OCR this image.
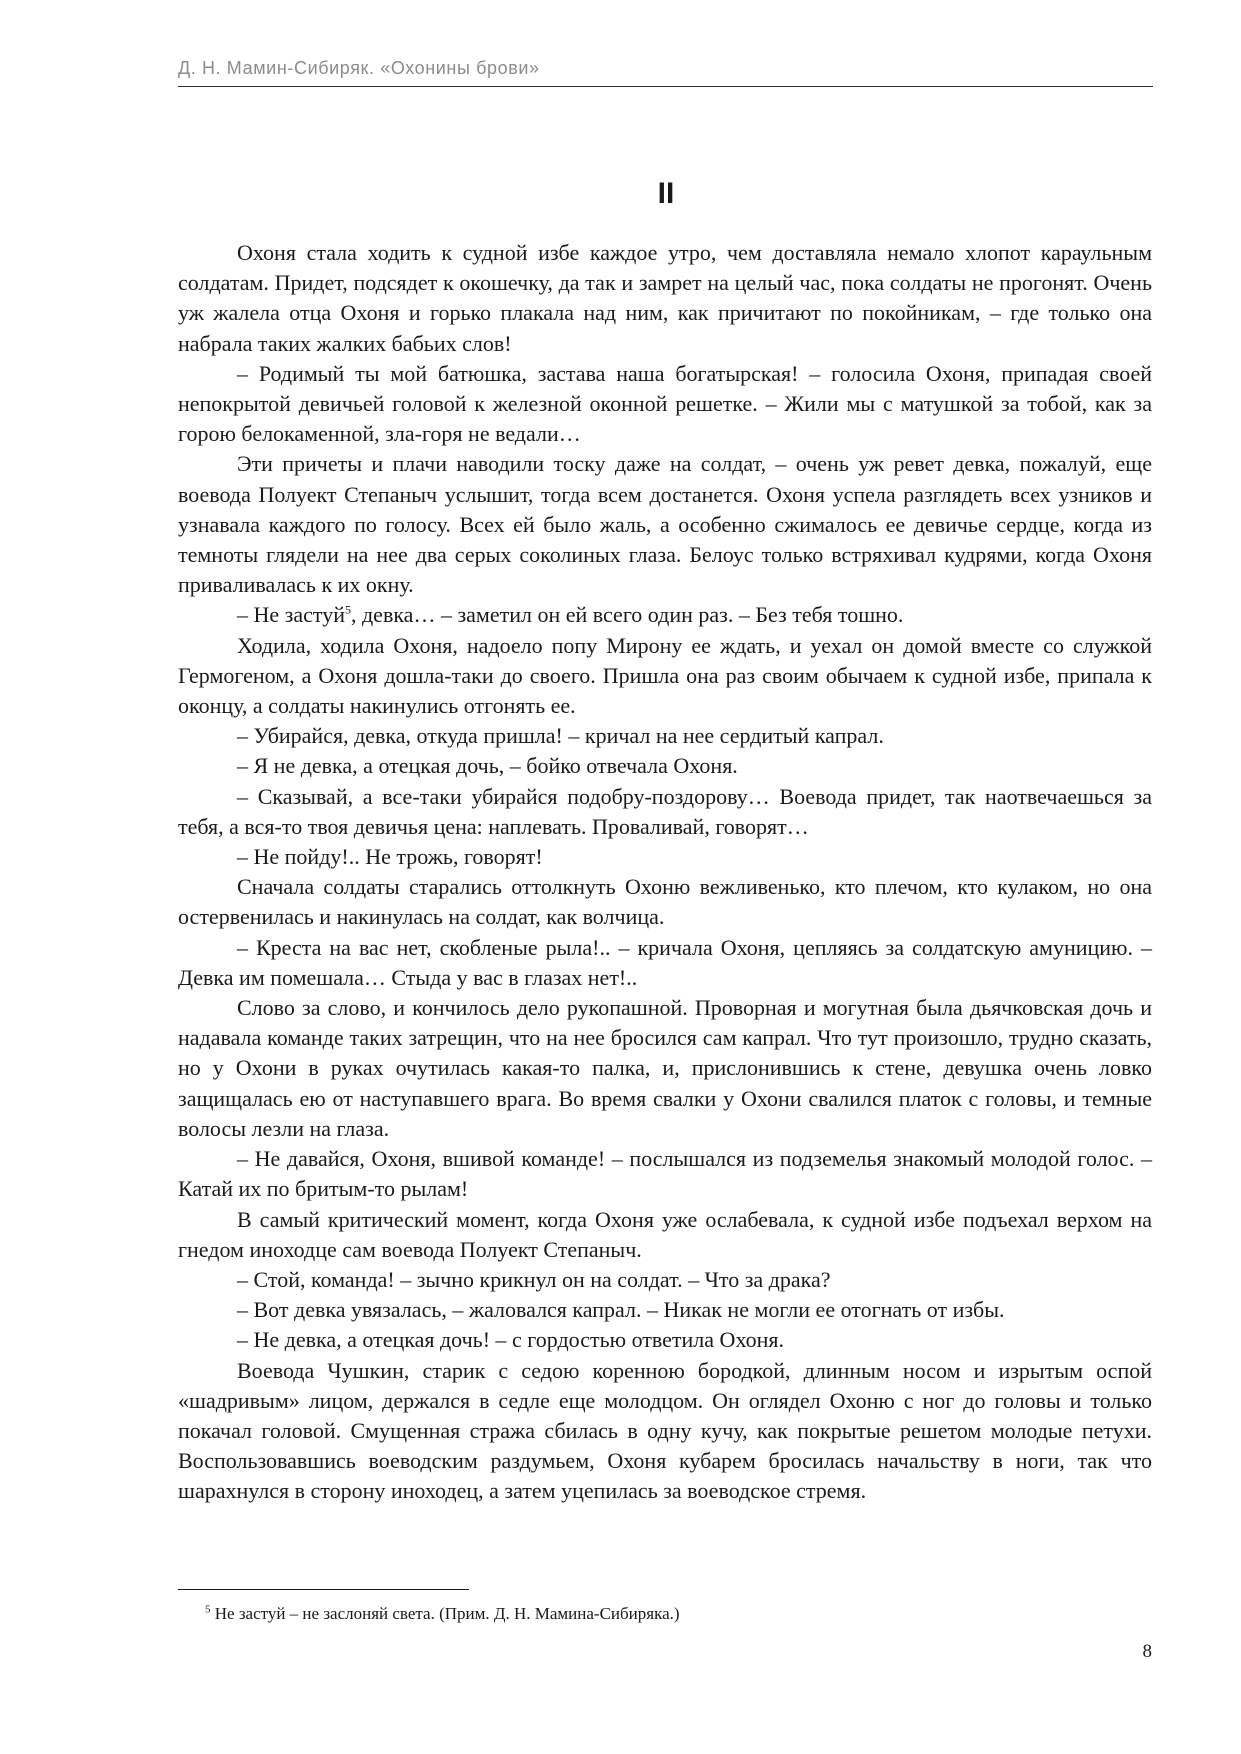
Д. Н. Мамин-Сибиряк. «Охонины брови»
II

Охоня стала ходить к судной избе каждое утро, чем доставляла немало хлопот караульным солдатам. Придет, подсядет к окошечку, да так и замрет на целый час, пока солдаты не прогонят. Очень уж жалела отца Охоня и горько плакала над ним, как причитают по покойникам, – где только она набрала таких жалких бабьих слов!

– Родимый ты мой батюшка, застава наша богатырская! – голосила Охоня, припадая своей непокрытой девичьей головой к железной оконной решетке. – Жили мы с матушкой за тобой, как за горою белокаменной, зла-горя не ведали…

Эти причеты и плачи наводили тоску даже на солдат, – очень уж ревет девка, пожалуй, еще воевода Полуект Степаныч услышит, тогда всем достанется. Охоня успела разглядеть всех узников и узнавала каждого по голосу. Всех ей было жаль, а особенно сжималось ее девичье сердце, когда из темноты глядели на нее два серых соколиных глаза. Белоус только встряхивал кудрями, когда Охоня приваливалась к их окну.

– Не застуй$^5$, девка… – заметил он ей всего один раз. – Без тебя тошно.

Ходила, ходила Охоня, надоело попу Мирону ее ждать, и уехал он домой вместе со служкой Гермогеном, а Охоня дошла-таки до своего. Пришла она раз своим обычаем к судной избе, припала к оконцу, а солдаты накинулись отгонять ее.

– Убирайся, девка, откуда пришла! – кричал на нее сердитый капрал.

– Я не девка, а отецкая дочь, – бойко отвечала Охоня.

– Сказывай, а все-таки убирайся подобру-поздорову… Воевода придет, так наотвечаешься за тебя, а вся-то твоя девичья цена: наплевать. Проваливай, говорят…

– Не пойду!.. Не трожь, говорят!

Сначала солдаты старались оттолкнуть Охоню вежливенько, кто плечом, кто кулаком, но она остервенилась и накинулась на солдат, как волчица.

– Креста на вас нет, скобленые рыла!.. – кричала Охоня, цепляясь за солдатскую амуницию. – Девка им помешала… Стыда у вас в глазах нет!..

Слово за слово, и кончилось дело рукопашной. Проворная и могутная была дьячковская дочь и надавала команде таких затрещин, что на нее бросился сам капрал. Что тут произошло, трудно сказать, но у Охони в руках очутилась какая-то палка, и, прислонившись к стене, девушка очень ловко защищалась ею от наступавшего врага. Во время свалки у Охони свалился платок с головы, и темные волосы лезли на глаза.

– Не давайся, Охоня, вшивой команде! – послышался из подземелья знакомый молодой голос. – Катай их по бритым-то рылам!

В самый критический момент, когда Охоня уже ослабевала, к судной избе подъехал верхом на гнедом иноходце сам воевода Полуект Степаныч.

– Стой, команда! – зычно крикнул он на солдат. – Что за драка?

– Вот девка увязалась, – жаловался капрал. – Никак не могли ее отогнать от избы.

– Не девка, а отецкая дочь! – с гордостью ответила Охоня.

Воевода Чушкин, старик с седою коренною бородкой, длинным носом и изрытым оспой «шадривым» лицом, держался в седле еще молодцом. Он оглядел Охоню с ног до головы и только покачал головой. Смущенная стража сбилась в одну кучу, как покрытые решетом молодые петухи. Воспользовавшись воеводским раздумьем, Охоня кубарем бросилась начальству в ноги, так что шарахнулся в сторону иноходец, а затем уцепилась за воеводское стремя.

$^5$ Не застуй – не заслоняй света. (Прим. Д. Н. Мамина-Сибиряка.)
8
